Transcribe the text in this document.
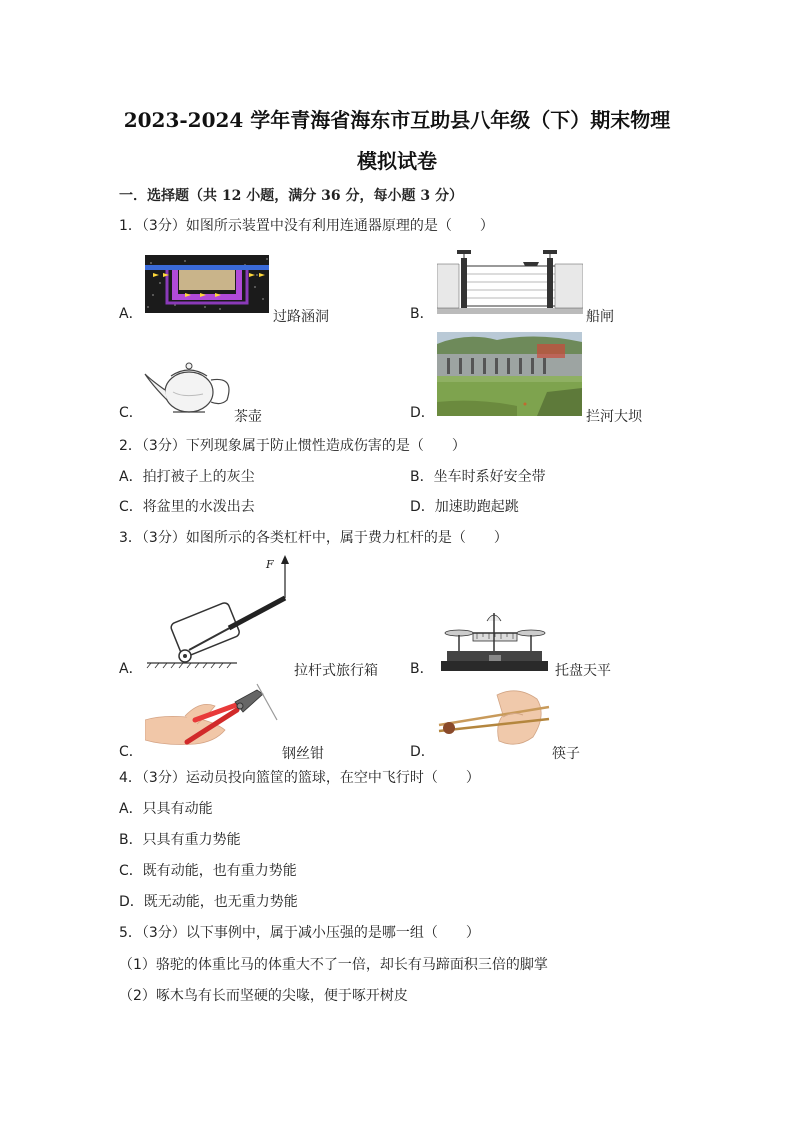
2023-2024 学年青海省海东市互助县八年级（下）期末物理
模拟试卷
一．选择题（共 12 小题，满分 36 分，每小题 3 分）
1．（3分）如图所示装置中没有利用连通器原理的是（　　）
A．	过路涵洞	B．	船闸
C．	茶壶	D．	拦河大坝
2．（3分）下列现象属于防止惯性造成伤害的是（　　）
A．拍打被子上的灰尘	B．坐车时系好安全带
C．将盆里的水泼出去	D．加速助跑起跳
3．（3分）如图所示的各类杠杆中，属于费力杠杆的是（　　）
A．
F
拉杆式旅行箱 B．	托盘天平
C．	钢丝钳	D．	筷子
4．（3分）运动员投向篮筐的篮球，在空中飞行时（　　）
A．只具有动能
B．只具有重力势能
C．既有动能，也有重力势能
D．既无动能，也无重力势能
5．（3分）以下事例中，属于减小压强的是哪一组（　　）
（1）骆驼的体重比马的体重大不了一倍，却长有马蹄面积三倍的脚掌
（2）啄木鸟有长而坚硬的尖喙，便于啄开树皮
